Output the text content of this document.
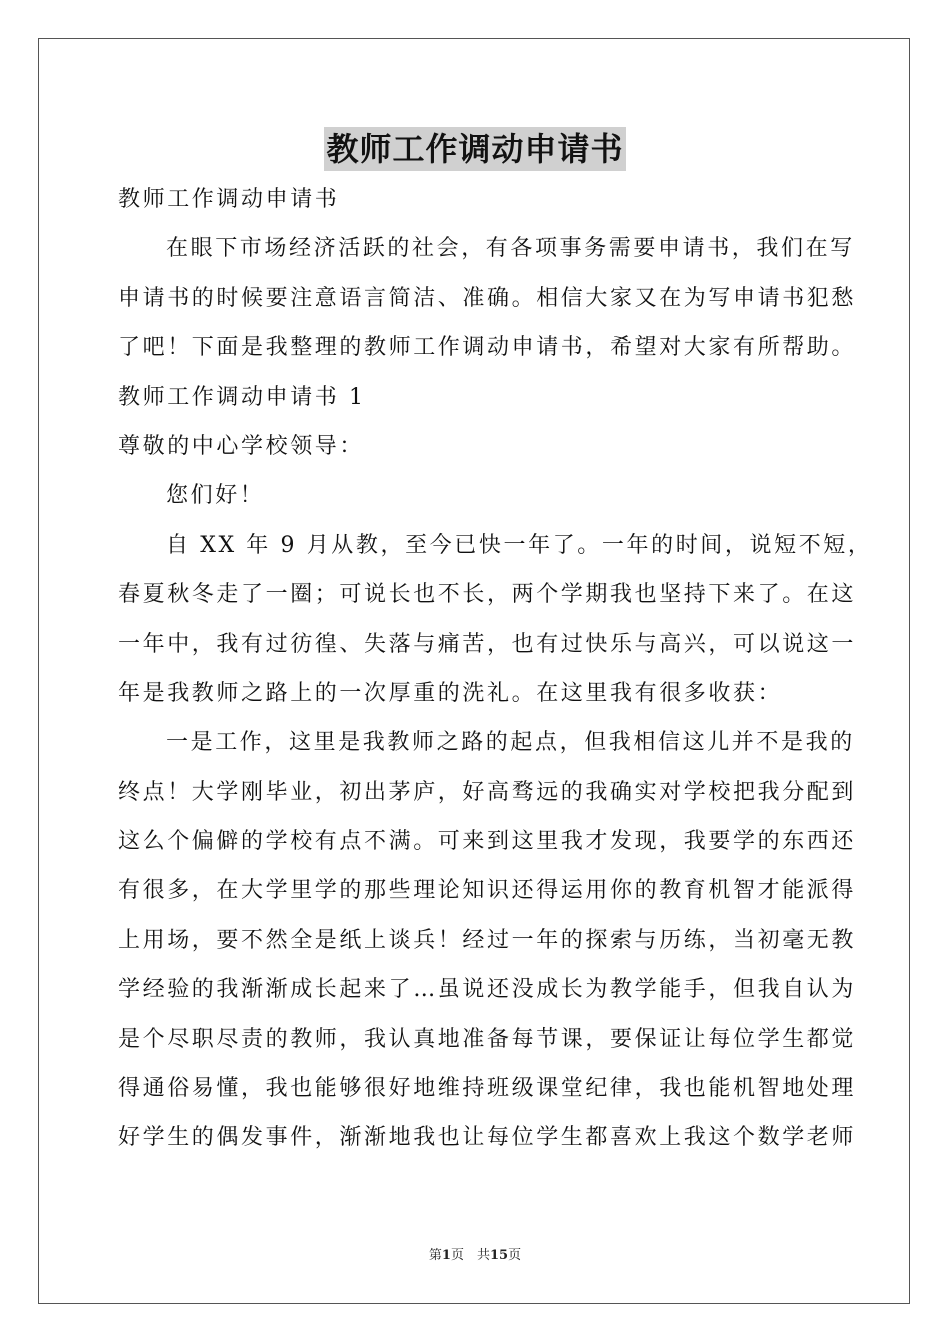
教师工作调动申请书
教师工作调动申请书
在眼下市场经济活跃的社会，有各项事务需要申请书，我们在写
申请书的时候要注意语言简洁、准确。相信大家又在为写申请书犯愁
了吧！下面是我整理的教师工作调动申请书，希望对大家有所帮助。
教师工作调动申请书 1
尊敬的中心学校领导：
您们好！
自 XX 年 9 月从教，至今已快一年了。一年的时间，说短不短，
春夏秋冬走了一圈；可说长也不长，两个学期我也坚持下来了。在这
一年中，我有过彷徨、失落与痛苦，也有过快乐与高兴，可以说这一
年是我教师之路上的一次厚重的洗礼。在这里我有很多收获：
一是工作，这里是我教师之路的起点，但我相信这儿并不是我的
终点！大学刚毕业，初出茅庐，好高骛远的我确实对学校把我分配到
这么个偏僻的学校有点不满。可来到这里我才发现，我要学的东西还
有很多，在大学里学的那些理论知识还得运用你的教育机智才能派得
上用场，要不然全是纸上谈兵！经过一年的探索与历练，当初毫无教
学经验的我渐渐成长起来了…虽说还没成长为教学能手，但我自认为
是个尽职尽责的教师，我认真地准备每节课，要保证让每位学生都觉
得通俗易懂，我也能够很好地维持班级课堂纪律，我也能机智地处理
好学生的偶发事件，渐渐地我也让每位学生都喜欢上我这个数学老师
第1页　共15页
